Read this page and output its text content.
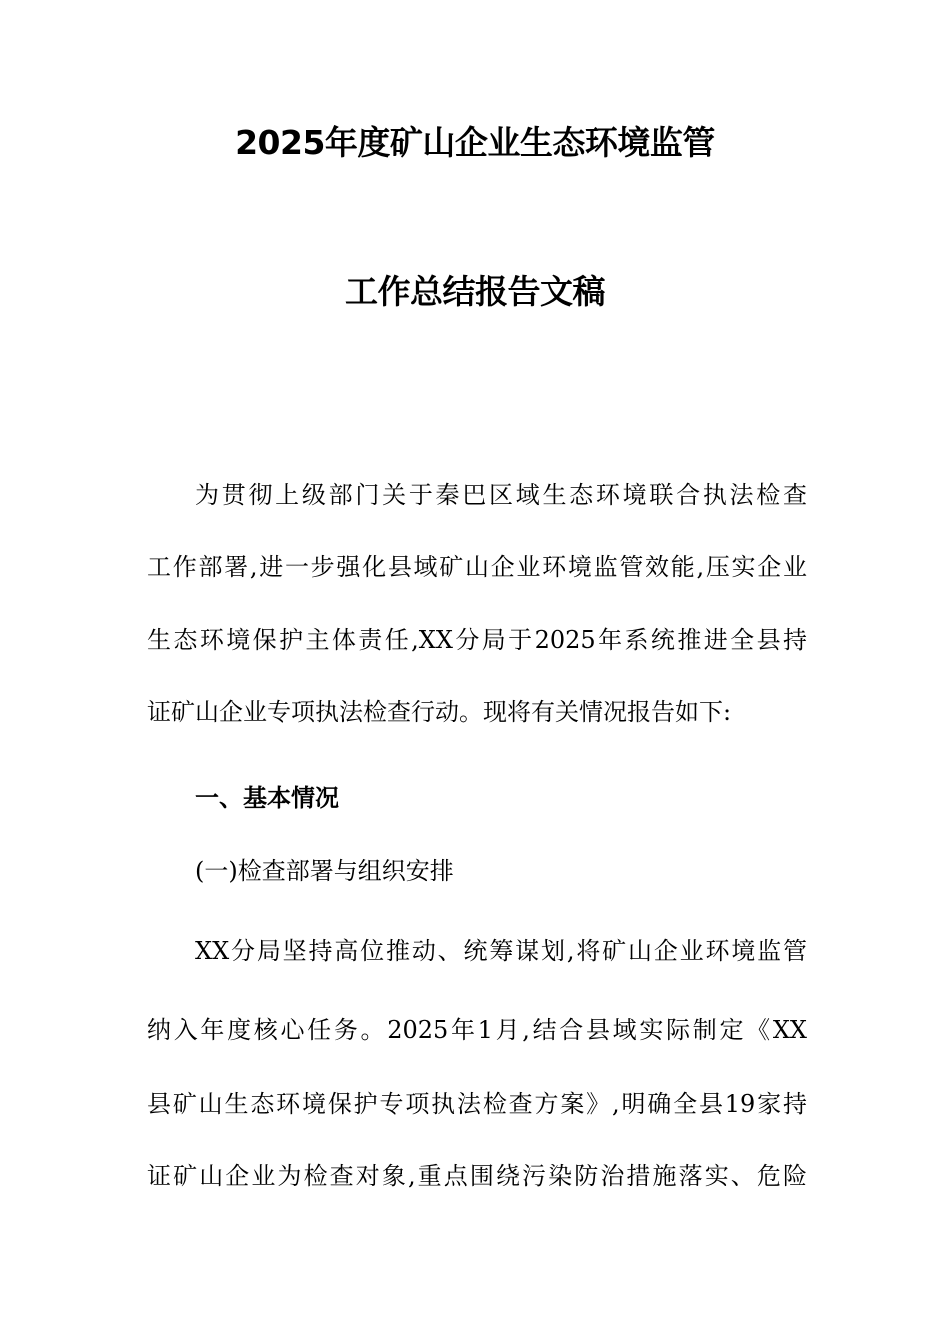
2025年度矿山企业生态环境监管
工作总结报告文稿
为贯彻上级部门关于秦巴区域生态环境联合执法检查
工作部署,进一步强化县域矿山企业环境监管效能,压实企业
生态环境保护主体责任,XX分局于2025年系统推进全县持
证矿山企业专项执法检查行动。现将有关情况报告如下:
一、基本情况
(一)检查部署与组织安排
XX分局坚持高位推动、统筹谋划,将矿山企业环境监管
纳入年度核心任务。2025年1月,结合县域实际制定《XX
县矿山生态环境保护专项执法检查方案》,明确全县19家持
证矿山企业为检查对象,重点围绕污染防治措施落实、危险
